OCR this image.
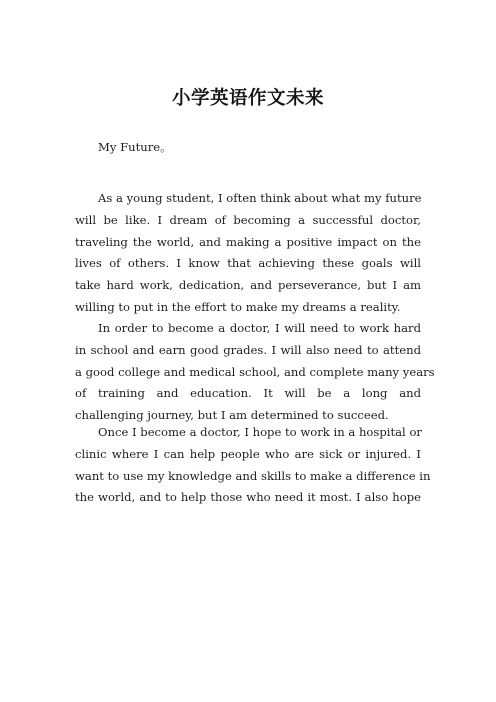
小学英语作文未来
My Future。
As a young student, I often think about what my future
will be like. I dream of becoming a successful doctor,
traveling the world, and making a positive impact on the
lives of others. I know that achieving these goals will
take hard work, dedication, and perseverance, but I am
willing to put in the effort to make my dreams a reality.
In order to become a doctor, I will need to work hard
in school and earn good grades. I will also need to attend
a good college and medical school, and complete many years
of training and education. It will be a long and
challenging journey, but I am determined to succeed.
Once I become a doctor, I hope to work in a hospital or
clinic where I can help people who are sick or injured. I
want to use my knowledge and skills to make a difference in
the world, and to help those who need it most. I also hope
